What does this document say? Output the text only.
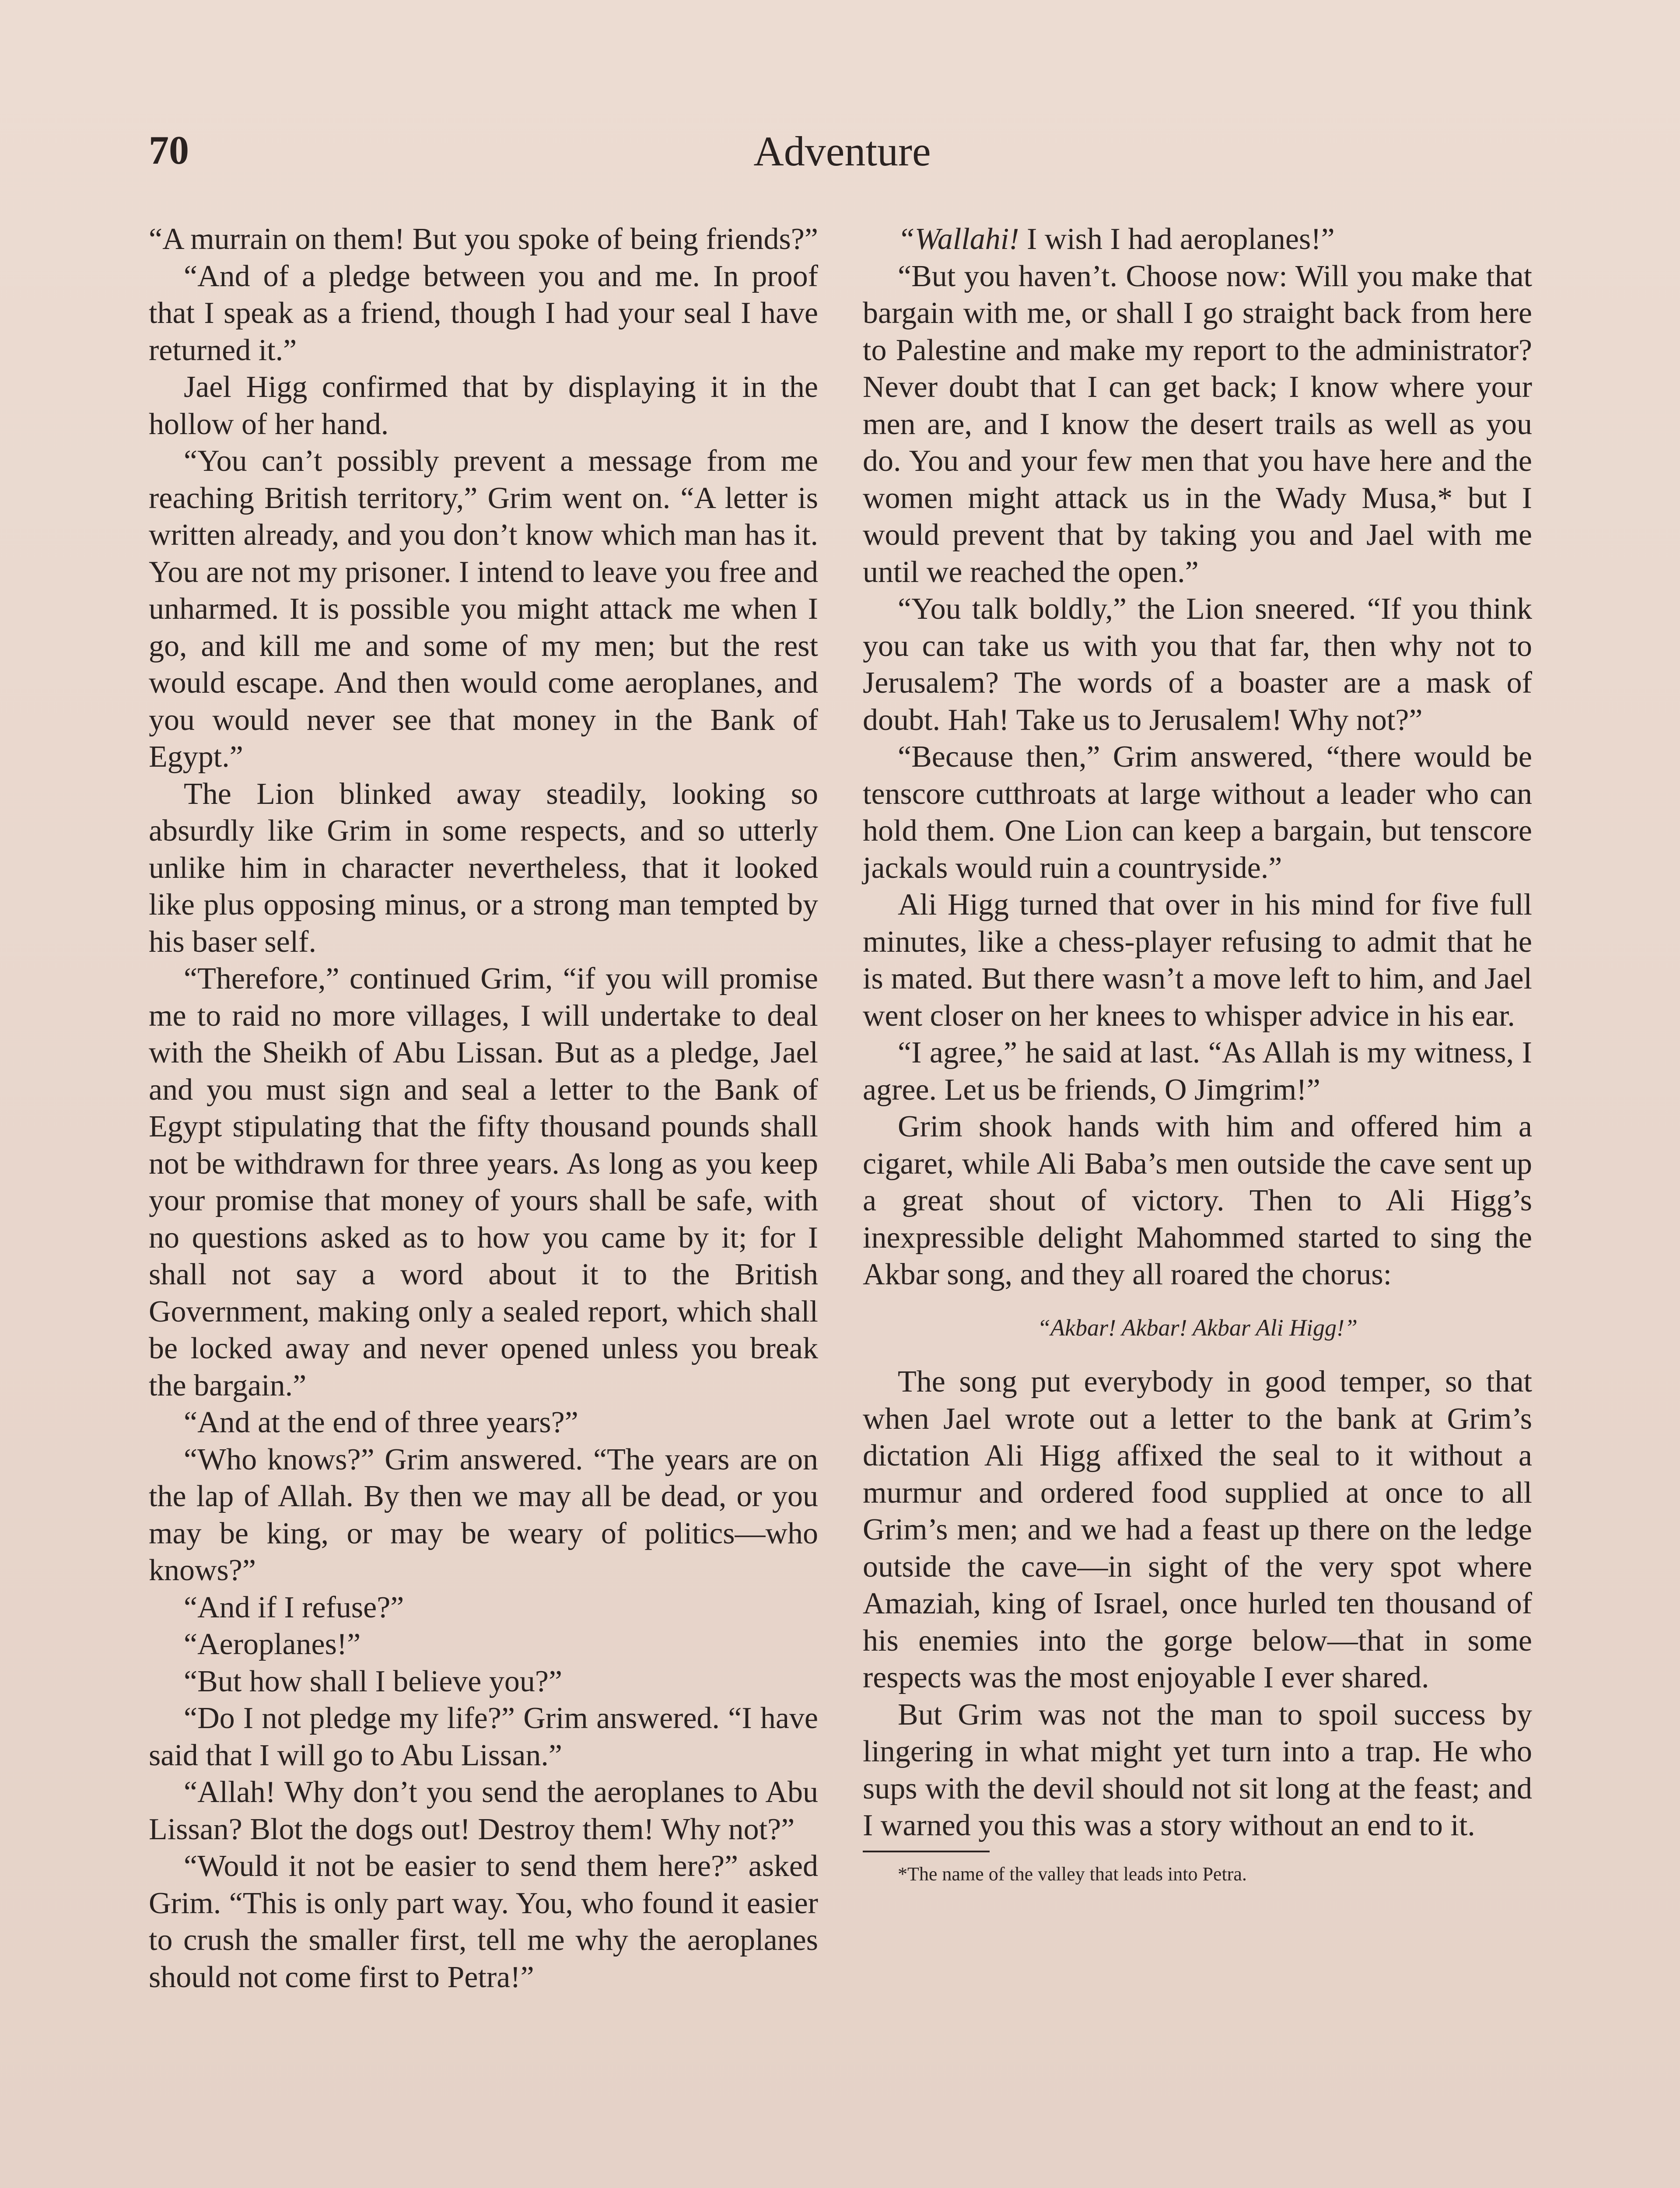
70	Adventure

“A murrain on them! But you spoke of being friends?”

“And of a pledge between you and me. In proof that I speak as a friend, though I had your seal I have returned it.”

Jael Higg confirmed that by displaying it in the hollow of her hand.

“You can’t possibly prevent a message from me reaching British territory,” Grim went on. “A letter is written already, and you don’t know which man has it. You are not my prisoner. I intend to leave you free and unharmed. It is possible you might attack me when I go, and kill me and some of my men; but the rest would escape. And then would come aeroplanes, and you would never see that money in the Bank of Egypt.”

The Lion blinked away steadily, looking so absurdly like Grim in some respects, and so utterly unlike him in character nevertheless, that it looked like plus opposing minus, or a strong man tempted by his baser self.

“Therefore,” continued Grim, “if you will promise me to raid no more villages, I will undertake to deal with the Sheikh of Abu Lissan. But as a pledge, Jael and you must sign and seal a letter to the Bank of Egypt stipulating that the fifty thousand pounds shall not be withdrawn for three years. As long as you keep your promise that money of yours shall be safe, with no questions asked as to how you came by it; for I shall not say a word about it to the British Government, making only a sealed report, which shall be locked away and never opened unless you break the bargain.”

“And at the end of three years?”

“Who knows?” Grim answered. “The years are on the lap of Allah. By then we may all be dead, or you may be king, or may be weary of politics—who knows?”

“And if I refuse?”

“Aeroplanes!”

“But how shall I believe you?”

“Do I not pledge my life?” Grim answered. “I have said that I will go to Abu Lissan.”

“Allah! Why don’t you send the aeroplanes to Abu Lissan? Blot the dogs out! Destroy them! Why not?”

“Would it not be easier to send them here?” asked Grim. “This is only part way. You, who found it easier to crush the smaller first, tell me why the aeroplanes should not come first to Petra!”

“Wallahi! I wish I had aeroplanes!”

“But you haven’t. Choose now: Will you make that bargain with me, or shall I go straight back from here to Palestine and make my report to the administrator? Never doubt that I can get back; I know where your men are, and I know the desert trails as well as you do. You and your few men that you have here and the women might attack us in the Wady Musa,* but I would prevent that by taking you and Jael with me until we reached the open.”

“You talk boldly,” the Lion sneered. “If you think you can take us with you that far, then why not to Jerusalem? The words of a boaster are a mask of doubt. Hah! Take us to Jerusalem! Why not?”

“Because then,” Grim answered, “there would be tenscore cutthroats at large without a leader who can hold them. One Lion can keep a bargain, but tenscore jackals would ruin a countryside.”

Ali Higg turned that over in his mind for five full minutes, like a chess-player refusing to admit that he is mated. But there wasn’t a move left to him, and Jael went closer on her knees to whisper advice in his ear.

“I agree,” he said at last. “As Allah is my witness, I agree. Let us be friends, O Jimgrim!”

Grim shook hands with him and offered him a cigaret, while Ali Baba’s men outside the cave sent up a great shout of victory. Then to Ali Higg’s inexpressible delight Mahommed started to sing the Akbar song, and they all roared the chorus:

“Akbar! Akbar! Akbar Ali Higg!”

The song put everybody in good temper, so that when Jael wrote out a letter to the bank at Grim’s dictation Ali Higg affixed the seal to it without a murmur and ordered food supplied at once to all Grim’s men; and we had a feast up there on the ledge outside the cave—in sight of the very spot where Amaziah, king of Israel, once hurled ten thousand of his enemies into the gorge below—that in some respects was the most enjoyable I ever shared.

But Grim was not the man to spoil success by lingering in what might yet turn into a trap. He who sups with the devil should not sit long at the feast; and I warned you this was a story without an end to it.

*The name of the valley that leads into Petra.
